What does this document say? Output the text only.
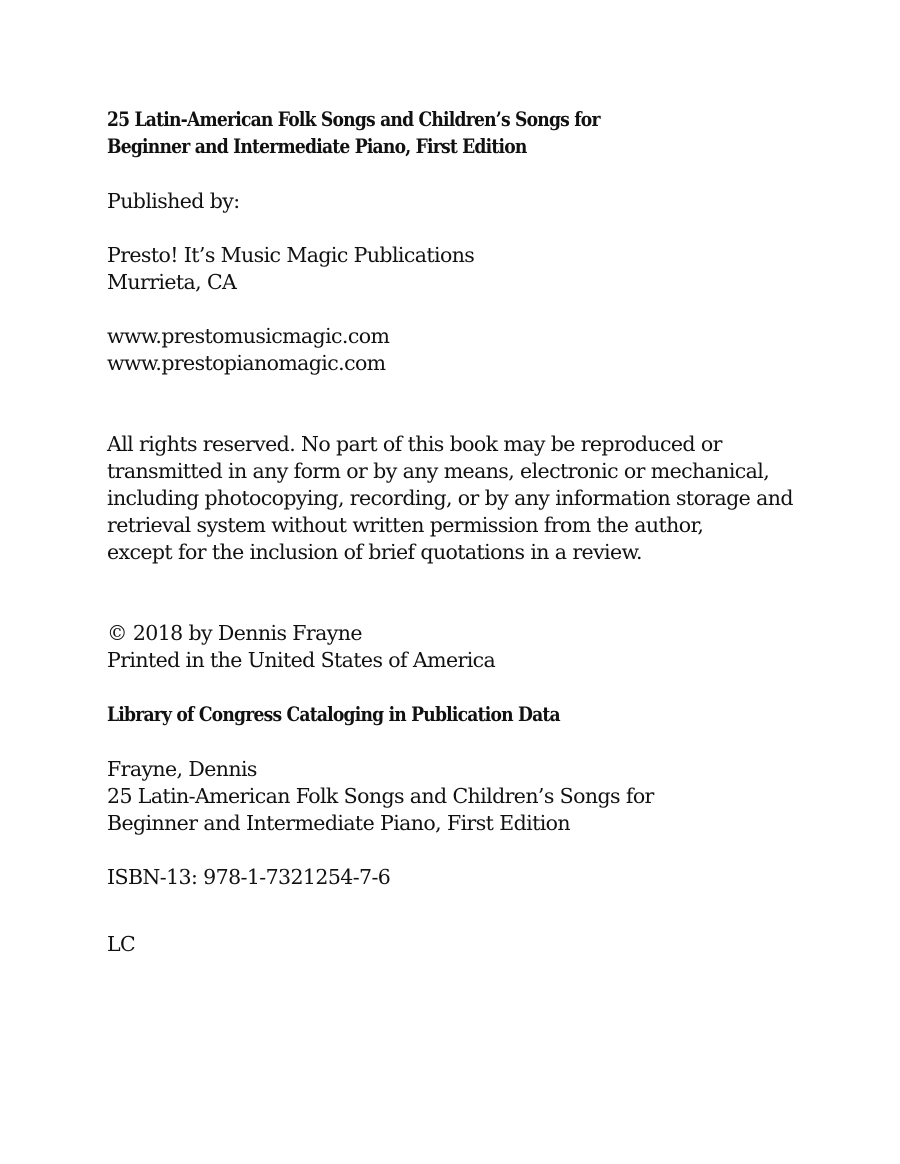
25 Latin-American Folk Songs and Children’s Songs for
Beginner and Intermediate Piano, First Edition
Published by:
Presto! It’s Music Magic Publications
Murrieta, CA
www.prestomusicmagic.com
www.prestopianomagic.com
All rights reserved. No part of this book may be reproduced or
transmitted in any form or by any means, electronic or mechanical,
including photocopying, recording, or by any information storage and
retrieval system without written permission from the author,
except for the inclusion of brief quotations in a review.
© 2018 by Dennis Frayne
Printed in the United States of America
Library of Congress Cataloging in Publication Data
Frayne, Dennis
25 Latin-American Folk Songs and Children’s Songs for
Beginner and Intermediate Piano, First Edition
ISBN-13: 978-1-7321254-7-6
LC
